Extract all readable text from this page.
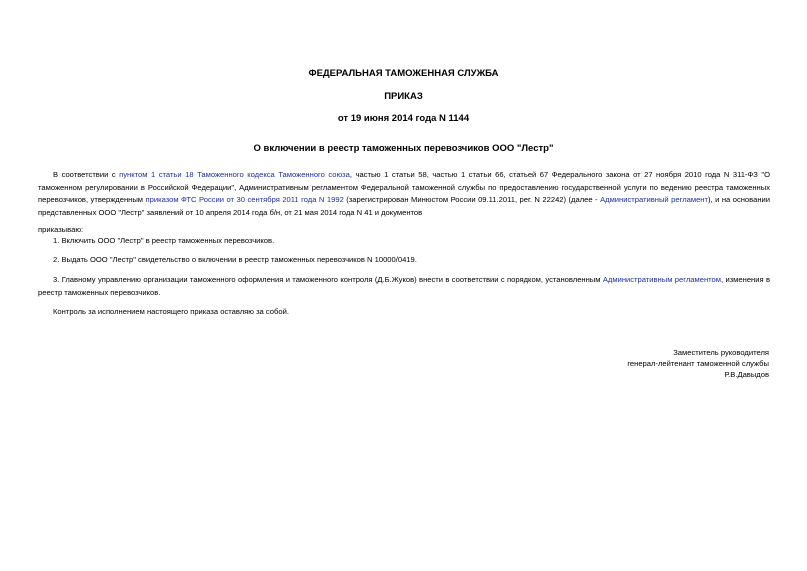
ФЕДЕРАЛЬНАЯ ТАМОЖЕННАЯ СЛУЖБА
ПРИКАЗ
от 19 июня 2014 года N 1144
О включении в реестр таможенных перевозчиков ООО "Лестр"
В соответствии с пунктом 1 статьи 18 Таможенного кодекса Таможенного союза, частью 1 статьи 58, частью 1 статьи 66, статьей 67 Федерального закона от 27 ноября 2010 года N 311-ФЗ "О таможенном регулировании в Российской Федерации", Административным регламентом Федеральной таможенной службы по предоставлению государственной услуги по ведению реестра таможенных перевозчиков, утвержденным приказом ФТС России от 30 сентября 2011 года N 1992 (зарегистрирован Минюстом России 09.11.2011, рег. N 22242) (далее - Административный регламент), и на основании представленных ООО "Лестр" заявлений от 10 апреля 2014 года б/н, от 21 мая 2014 года N 41 и документов
приказываю:
1. Включить ООО "Лестр" в реестр таможенных перевозчиков.
2. Выдать ООО "Лестр" свидетельство о включении в реестр таможенных перевозчиков N 10000/0419.
3. Главному управлению организации таможенного оформления и таможенного контроля (Д.Б.Жуков) внести в соответствии с порядком, установленным Административным регламентом, изменения в реестр таможенных перевозчиков.
Контроль за исполнением настоящего приказа оставляю за собой.
Заместитель руководителя
генерал-лейтенант таможенной службы
Р.В.Давыдов
